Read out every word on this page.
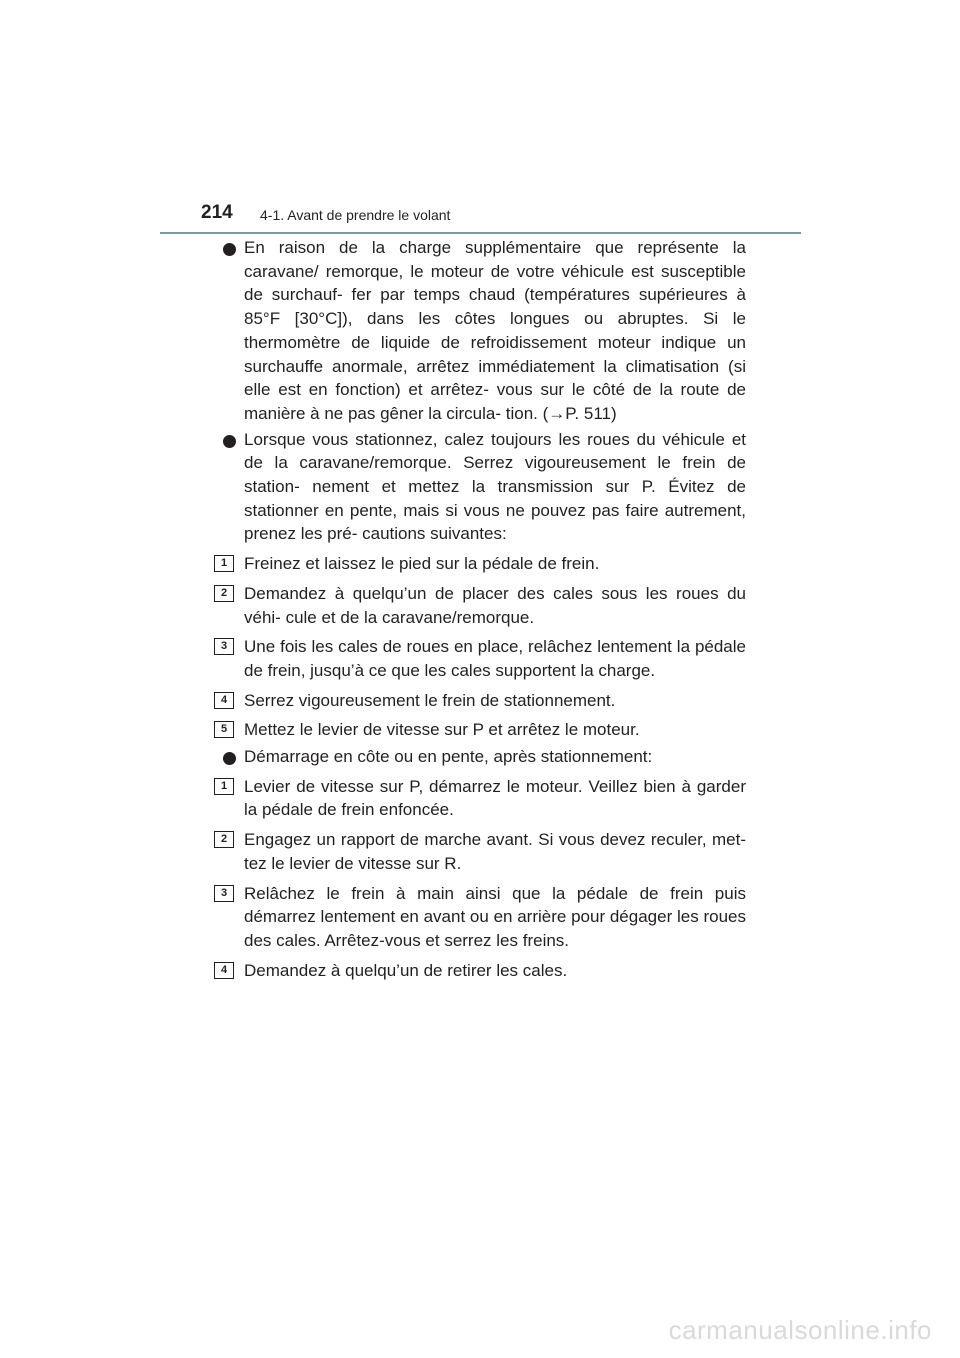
214 4-1. Avant de prendre le volant
En raison de la charge supplémentaire que représente la caravane/ remorque, le moteur de votre véhicule est susceptible de surchauf- fer par temps chaud (températures supérieures à 85°F [30°C]), dans les côtes longues ou abruptes. Si le thermomètre de liquide de refroidissement moteur indique un surchauffe anormale, arrêtez immédiatement la climatisation (si elle est en fonction) et arrêtez- vous sur le côté de la route de manière à ne pas gêner la circula- tion. (→P. 511)
Lorsque vous stationnez, calez toujours les roues du véhicule et de la caravane/remorque. Serrez vigoureusement le frein de station- nement et mettez la transmission sur P. Évitez de stationner en pente, mais si vous ne pouvez pas faire autrement, prenez les pré- cautions suivantes:
1 Freinez et laissez le pied sur la pédale de frein.
2 Demandez à quelqu’un de placer des cales sous les roues du véhi- cule et de la caravane/remorque.
3 Une fois les cales de roues en place, relâchez lentement la pédale de frein, jusqu’à ce que les cales supportent la charge.
4 Serrez vigoureusement le frein de stationnement.
5 Mettez le levier de vitesse sur P et arrêtez le moteur.
Démarrage en côte ou en pente, après stationnement:
1 Levier de vitesse sur P, démarrez le moteur. Veillez bien à garder la pédale de frein enfoncée.
2 Engagez un rapport de marche avant. Si vous devez reculer, met- tez le levier de vitesse sur R.
3 Relâchez le frein à main ainsi que la pédale de frein puis démarrez lentement en avant ou en arrière pour dégager les roues des cales. Arrêtez-vous et serrez les freins.
4 Demandez à quelqu’un de retirer les cales.
carmanualsonline.info
